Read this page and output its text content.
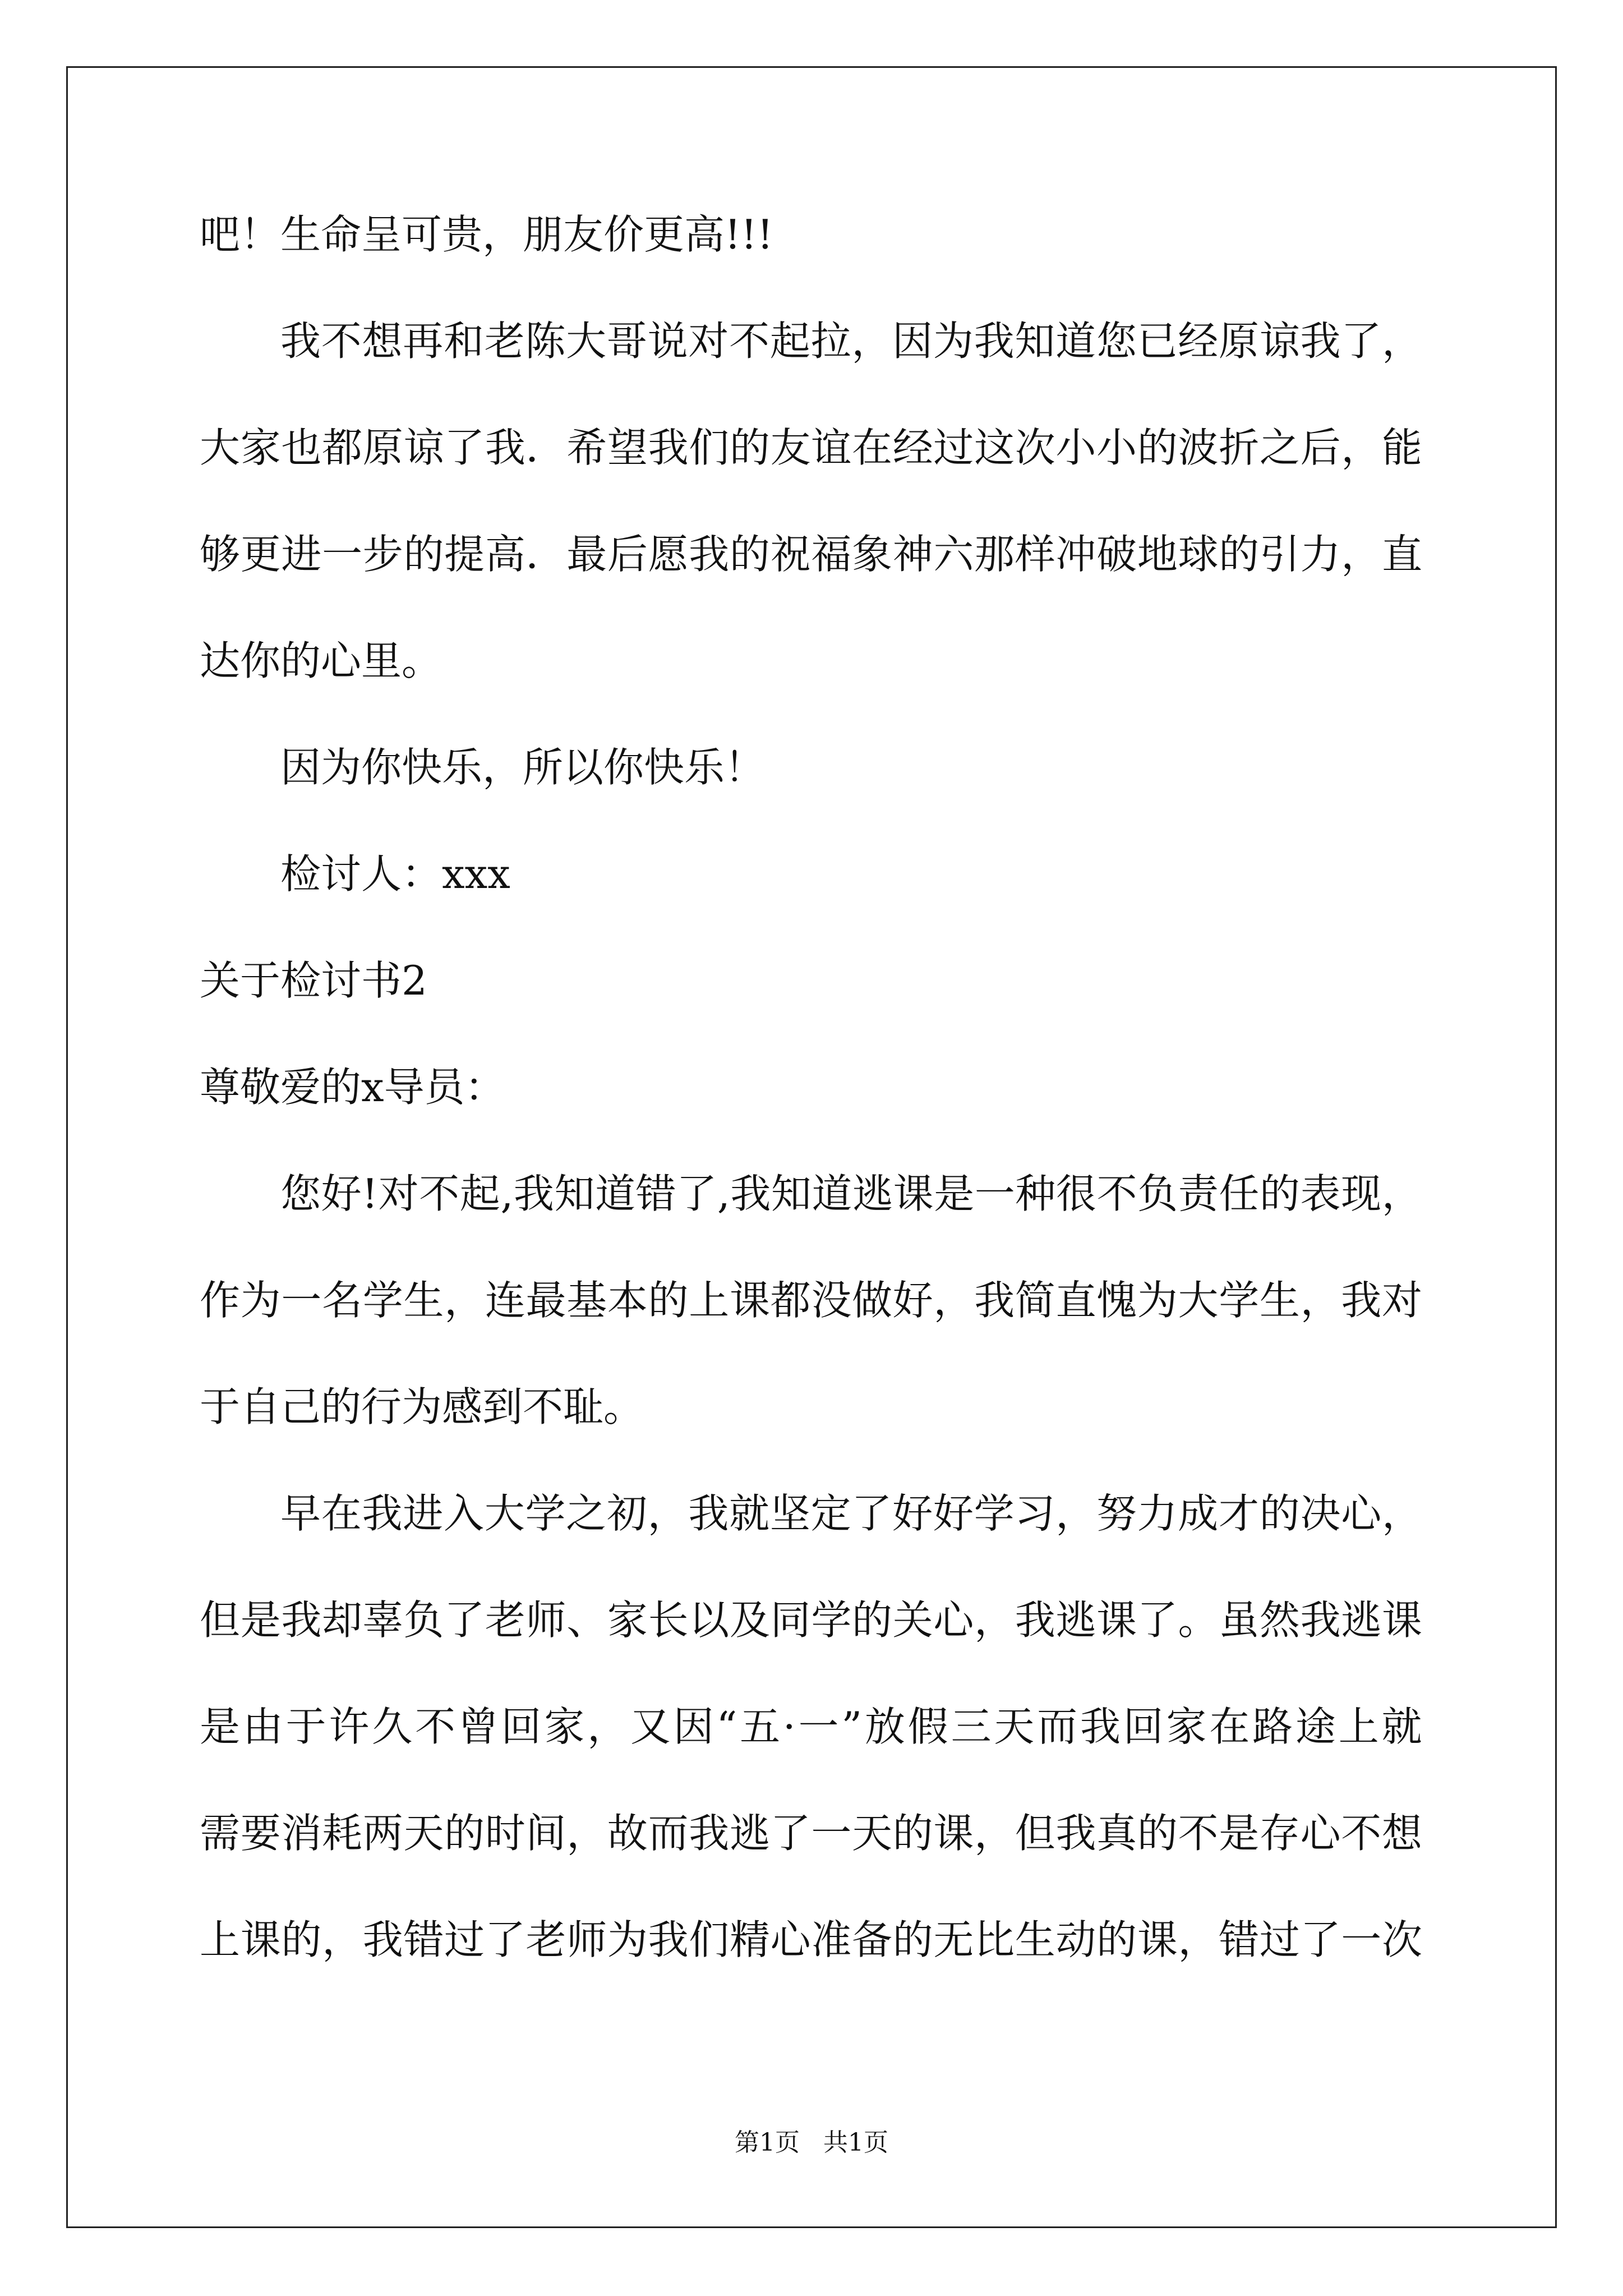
吧！生命呈可贵，朋友价更高!!!
我不想再和老陈大哥说对不起拉，因为我知道您已经原谅我了，
大家也都原谅了我．希望我们的友谊在经过这次小小的波折之后，能
够更进一步的提高．最后愿我的祝福象神六那样冲破地球的引力，直
达你的心里。
因为你快乐，所以你快乐！
检讨人：xxx
关于检讨书2
尊敬爱的x导员：
您好!对不起,我知道错了,我知道逃课是一种很不负责任的表现，
作为一名学生，连最基本的上课都没做好，我简直愧为大学生，我对
于自己的行为感到不耻。
早在我进入大学之初，我就坚定了好好学习，努力成才的决心，
但是我却辜负了老师、家长以及同学的关心，我逃课了。虽然我逃课
是由于许久不曾回家，又因“五·一”放假三天而我回家在路途上就
需要消耗两天的时间，故而我逃了一天的课，但我真的不是存心不想
上课的，我错过了老师为我们精心准备的无比生动的课，错过了一次
第1页   共1页
